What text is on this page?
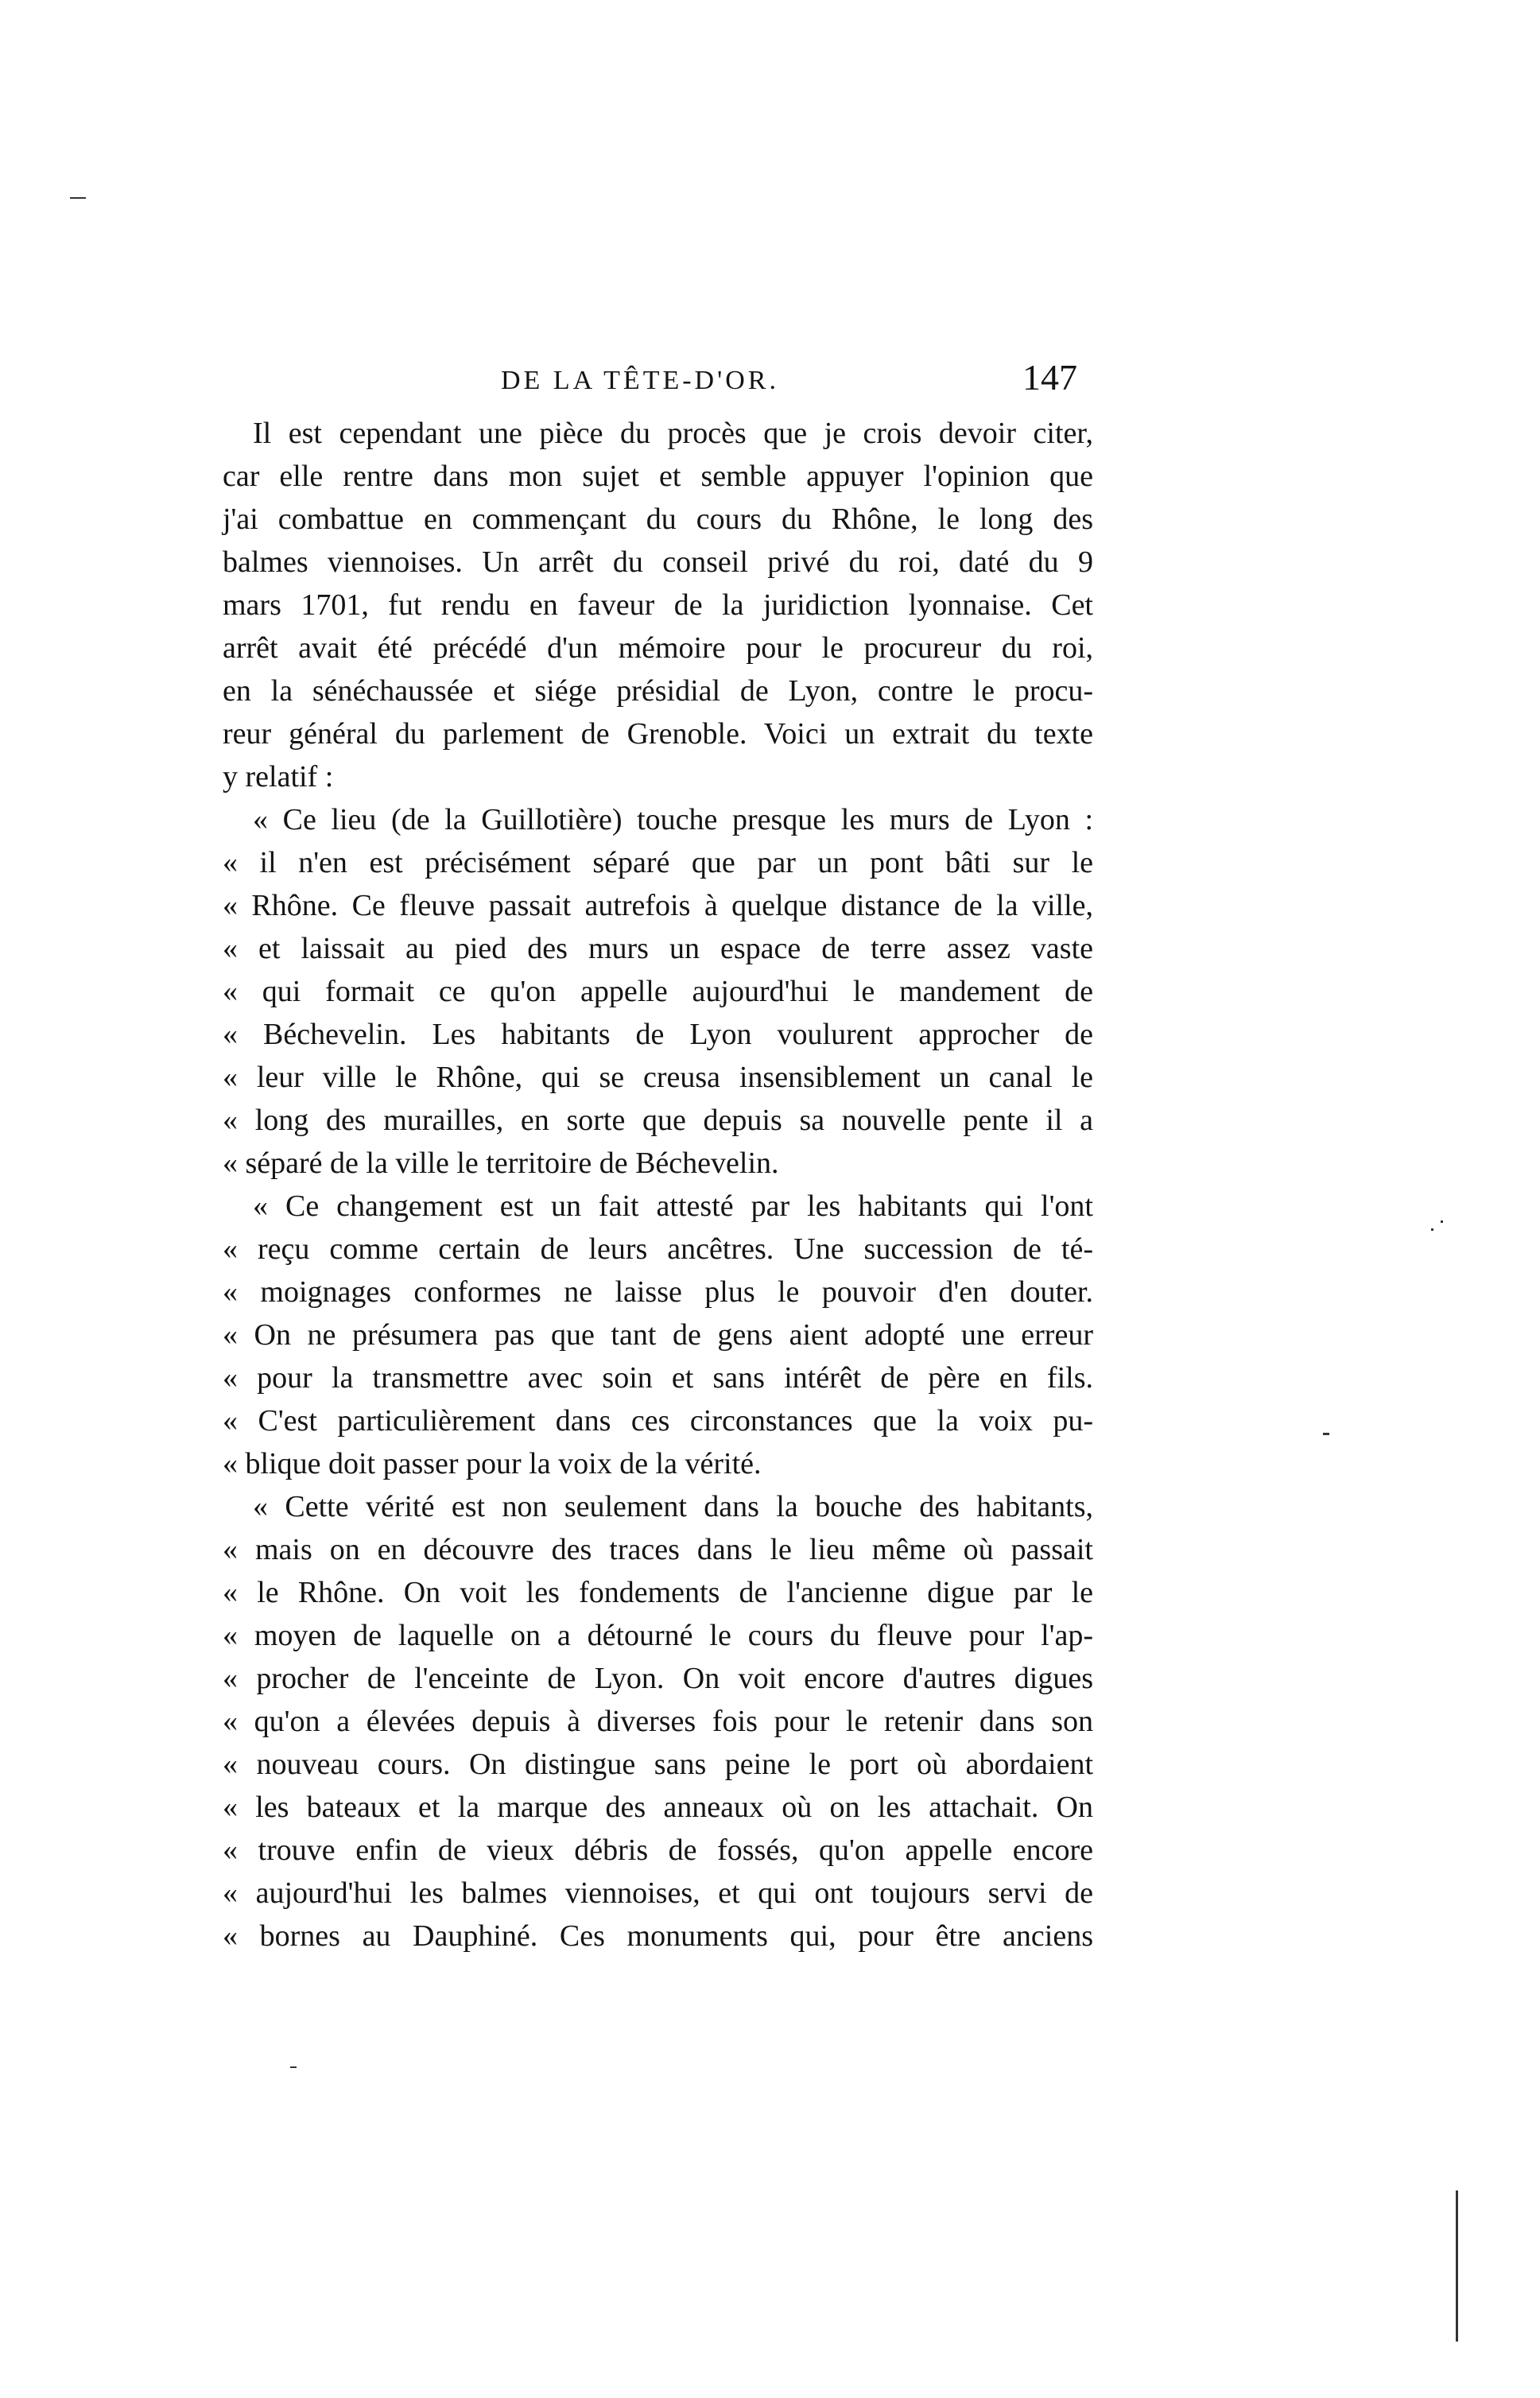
DE LA TÊTE-D'OR.	147
Il est cependant une pièce du procès que je crois devoir citer,
car elle rentre dans mon sujet et semble appuyer l'opinion que
j'ai combattue en commençant du cours du Rhône, le long des
balmes viennoises. Un arrêt du conseil privé du roi, daté du 9
mars 1701, fut rendu en faveur de la juridiction lyonnaise. Cet
arrêt avait été précédé d'un mémoire pour le procureur du roi,
en la sénéchaussée et siége présidial de Lyon, contre le procu-
reur général du parlement de Grenoble. Voici un extrait du texte
y relatif :
« Ce lieu (de la Guillotière) touche presque les murs de Lyon :
« il n'en est précisément séparé que par un pont bâti sur le
« Rhône. Ce fleuve passait autrefois à quelque distance de la ville,
« et laissait au pied des murs un espace de terre assez vaste
« qui formait ce qu'on appelle aujourd'hui le mandement de
« Béchevelin. Les habitants de Lyon voulurent approcher de
« leur ville le Rhône, qui se creusa insensiblement un canal le
« long des murailles, en sorte que depuis sa nouvelle pente il a
« séparé de la ville le territoire de Béchevelin.
« Ce changement est un fait attesté par les habitants qui l'ont
« reçu comme certain de leurs ancêtres. Une succession de té-
« moignages conformes ne laisse plus le pouvoir d'en douter.
« On ne présumera pas que tant de gens aient adopté une erreur
« pour la transmettre avec soin et sans intérêt de père en fils.
« C'est particulièrement dans ces circonstances que la voix pu-
« blique doit passer pour la voix de la vérité.
« Cette vérité est non seulement dans la bouche des habitants,
« mais on en découvre des traces dans le lieu même où passait
« le Rhône. On voit les fondements de l'ancienne digue par le
« moyen de laquelle on a détourné le cours du fleuve pour l'ap-
« procher de l'enceinte de Lyon. On voit encore d'autres digues
« qu'on a élevées depuis à diverses fois pour le retenir dans son
« nouveau cours. On distingue sans peine le port où abordaient
« les bateaux et la marque des anneaux où on les attachait. On
« trouve enfin de vieux débris de fossés, qu'on appelle encore
« aujourd'hui les balmes viennoises, et qui ont toujours servi de
« bornes au Dauphiné. Ces monuments qui, pour être anciens
